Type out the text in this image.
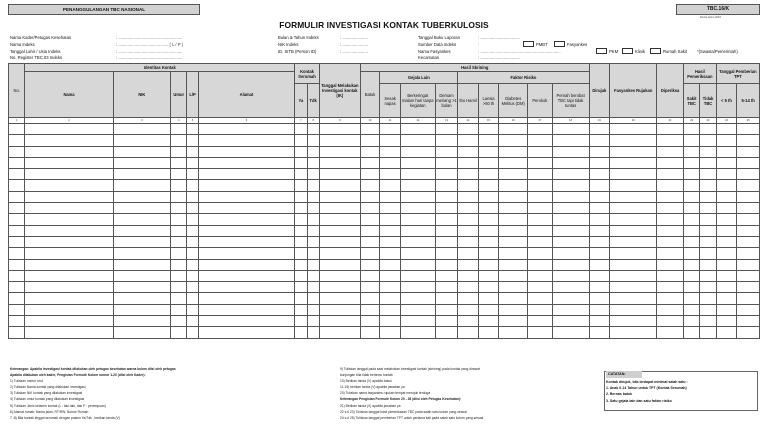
PENANGGULANGAN TBC NASIONAL	TBC.16/K
Revisi tahun 2023
FORMULIR INVESTIGASI KONTAK TUBERKULOSIS
Nama Kader/Petugas Kesehatan	: .......................................................
Nama Indeks	: ........................................... ( L / P )
Tanggal Lahir / Usia Indeks	: .......................................................
No. Register TBC.03 Indeks	: .......................................................
Bulan & Tahun Indeks	: ......................
NIK Indeks	: ......................
ID. SITB (Person ID)	: ......................
Tanggal Buku Laporan	: ..................................
Sumber Data Indeks	:	PMBT	Fasyankes
Nama Fasyankes	: .....................................................................	PKM	Klinik	Rumah Sakit *(Swasta/Pemerintah)
Kecamatan	: ..................................
No.	Identitas Kontak					Kontak Serumah		Tanggal Melakukan Investigasi kontak (IK)	Hasil Skrining									Dirujuk	Fasyankes Rujukan	Diperiksa	Hasil Pemeriksaan		Tanggal Pemberian TPT	
	Nama	NIK	Umur	L/P	Alamat				Batuk	Gejala Lain			Faktor Risiko											
						Ya	Tdk			Sesak napas	Berkeringat malam hari tanpa kegiatan	Demam meriang >1 bulan	Ibu Hamil	Lansia >60 th	Diabetes Melitus (DM)	Perokok	Pernah berobat TBC tapi tidak tuntas				Sakit TBC	Tidak TBC	< 5 th	5-14 th
1	2	3	4	5	6	7	8	9	10	11	12	13	14	15	16	17	18	19	20	21	22	23	24	25

Keterangan: Apabila Investigasi kontak dilakukan oleh petugas kesehatan warna kolom diisi oleh petugas
Apabila dilakukan oleh kader, Pengisian Formulir Kolom nomor 1-20 (diisi oleh Kader):
1) Tuliskan nomor urut
2) Tuliskan Nama kontak yang dilakukan investigasi
3) Tuliskan NIK kontak yang dilakukan investigasi
4) Tuliskan umur kontak yang dilakukan investigasi
5) Tuliskan Jenis kelamin kontak (L : laki-laki, dan P : perempuan)
6) Alamat rumah: Nama jalan, RT/RW, Nomor Rumah
7 -8) Bila kontak tinggal serumah dengan pasien Ya/Tdk , berikan tanda (V)
9) Tuliskan tanggal pada saat melakukan investigasi kontak (skrining) pada kontak yang dirawat
kunjungan bila tidak bertemu kontak
10) Berikan tanda (V) apabila batuk
11-19) berikan tanda (V) apabila jawaban ya
20) Tuliskan nama fasyankes rujukan tempat merujuk terduga
Keterangan Pengisian Formulir Kolom 20 - 28 (diisi oleh Petugas Kesehatan):
21) Berikan tanda (V) apabila jawaban ya
22 s.d 23) Tuliskan tanggal hasil pemeriksaan TBC pada salah satu kolom yang sesuai
24 s.d 25) Tuliskan tanggal pemberian TPT untuk pertama kali pada salah satu kolom yang sesuai
CATATAN:
Kontak dirujuk, bila terdapat minimal salah satu :
1. Anak 0-14 Tahun untuk TPT (Kontak Serumah)
2. Bernas batuk
3. Satu gejala lain dan satu faktor risiko
